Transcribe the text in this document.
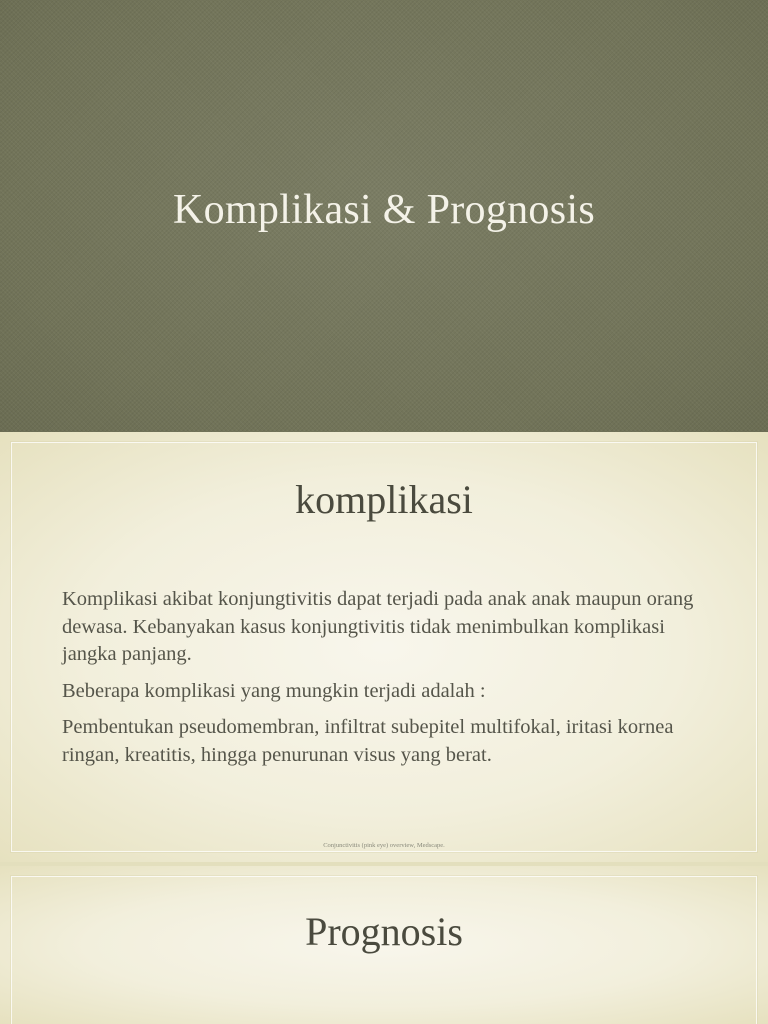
Komplikasi & Prognosis
komplikasi

Komplikasi akibat konjungtivitis dapat terjadi pada anak anak maupun orang dewasa. Kebanyakan kasus konjungtivitis tidak menimbulkan komplikasi jangka panjang.

Beberapa komplikasi yang mungkin terjadi adalah :

Pembentukan pseudomembran, infiltrat subepitel multifokal, iritasi kornea ringan, kreatitis, hingga penurunan visus yang berat.

Conjunctivitis (pink eye) overview, Medscape.
Prognosis
